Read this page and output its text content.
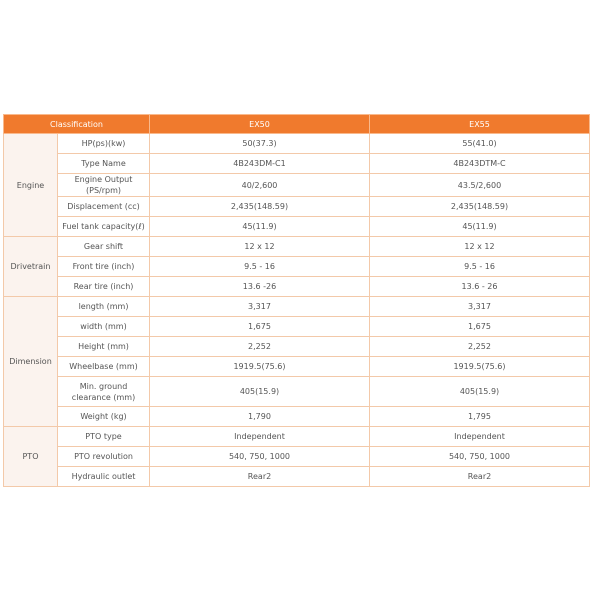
Classification		EX50	EX55
Engine	HP(ps)(kw)	50(37.3)	55(41.0)
	Type Name	4B243DM-C1	4B243DTM-C
	Engine Output (PS/rpm)	40/2,600	43.5/2,600
	Displacement (cc)	2,435(148.59)	2,435(148.59)
	Fuel tank capacity(ℓ)	45(11.9)	45(11.9)
Drivetrain	Gear shift	12 x 12	12 x 12
	Front tire (inch)	9.5 - 16	9.5 - 16
	Rear tire (inch)	13.6 -26	13.6 - 26
Dimension	length (mm)	3,317	3,317
	width (mm)	1,675	1,675
	Height (mm)	2,252	2,252
	Wheelbase (mm)	1919.5(75.6)	1919.5(75.6)
	Min. ground clearance (mm)	405(15.9)	405(15.9)
	Weight (kg)	1,790	1,795
PTO	PTO type	Independent	Independent
	PTO revolution	540, 750, 1000	540, 750, 1000
	Hydraulic outlet	Rear2	Rear2
